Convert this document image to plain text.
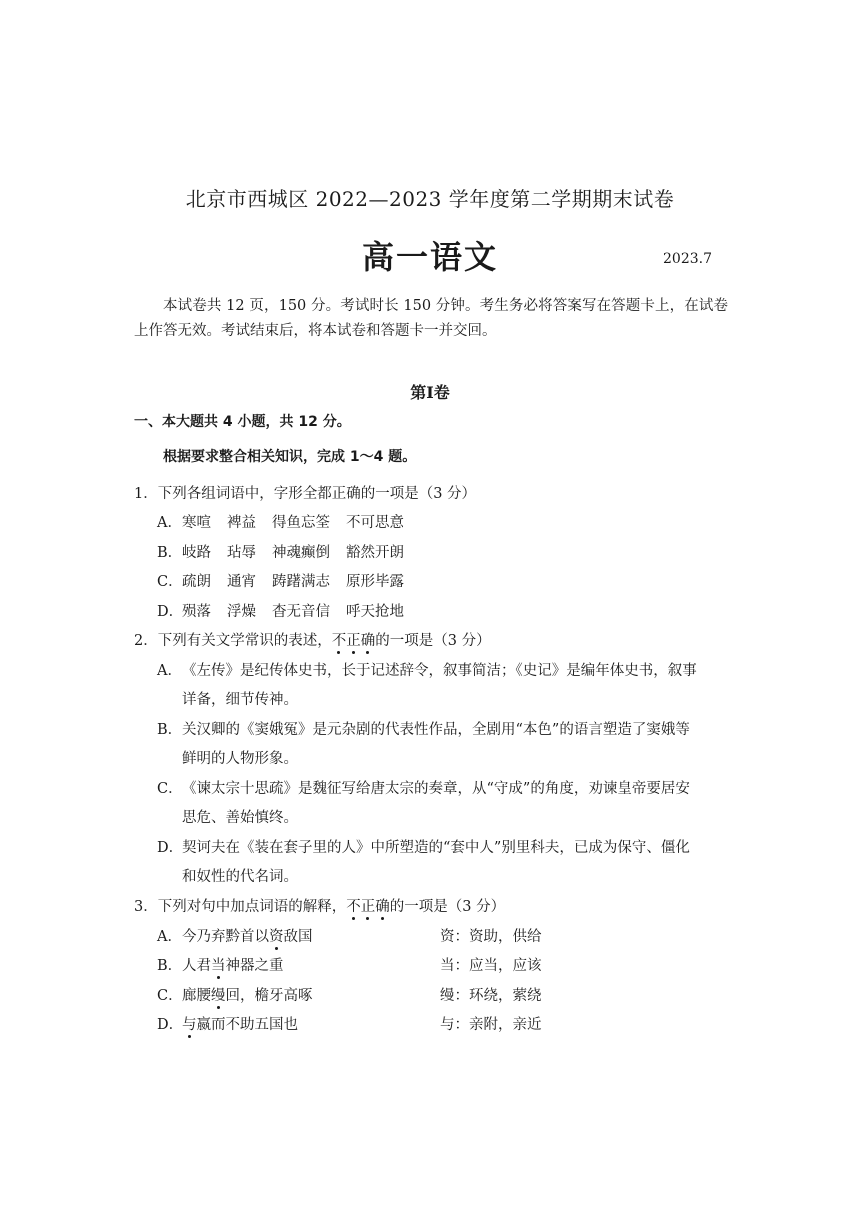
北京市西城区 2022—2023 学年度第二学期期末试卷
高一语文	2023.7
本试卷共 12 页，150 分。考试时长 150 分钟。考生务必将答案写在答题卡上，在试卷上作答无效。考试结束后，将本试卷和答题卡一并交回。
第Ⅰ卷
一、本大题共 4 小题，共 12 分。
根据要求整合相关知识，完成 1～4 题。
1．下列各组词语中，字形全都正确的一项是（3 分）
A．寒喧 裨益 得鱼忘筌 不可思意
B．岐路 玷辱 神魂癫倒 豁然开朗
C．疏朗 通宵 踌躇满志 原形毕露
D．殒落 浮燥 杳无音信 呼天抢地
2．下列有关文学常识的表述，不正确的一项是（3 分）
A．《左传》是纪传体史书，长于记述辞令，叙事简洁；《史记》是编年体史书，叙事
详备，细节传神。
B．关汉卿的《窦娥冤》是元杂剧的代表性作品，全剧用“本色”的语言塑造了窦娥等
鲜明的人物形象。
C．《谏太宗十思疏》是魏征写给唐太宗的奏章，从“守成”的角度，劝谏皇帝要居安
思危、善始慎终。
D．契诃夫在《装在套子里的人》中所塑造的“套中人”别里科夫，已成为保守、僵化
和奴性的代名词。
3．下列对句中加点词语的解释，不正确的一项是（3 分）
A．今乃弃黔首以资敌国	资：资助，供给
B．人君当神器之重	当：应当，应该
C．廊腰缦回，檐牙高啄	缦：环绕，萦绕
D．与嬴而不助五国也	与：亲附，亲近
